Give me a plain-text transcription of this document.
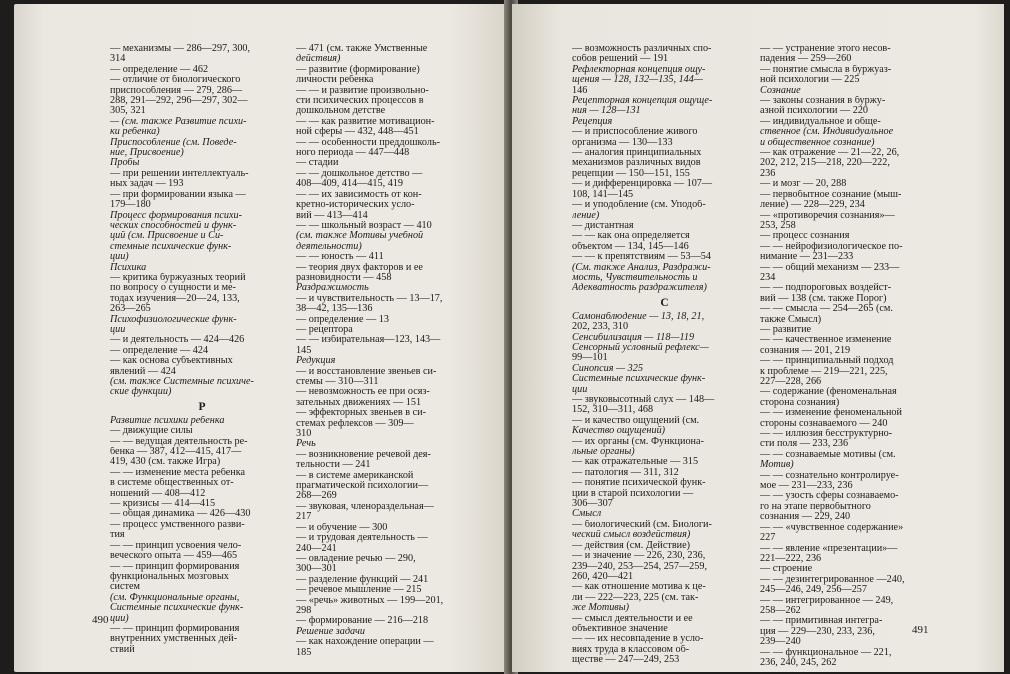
— механизмы — 286—297, 300,
314
— определение — 462
— отличие от биологического
приспособления — 279, 286—
288, 291—292, 296—297, 302—
305, 321
— (см. также Развитие психи-
ки ребенка)
Приспособление (см. Поведе-
ние, Присвоение)
Пробы
— при решении интеллектуаль-
ных задач — 193
— при формировании языка —
179—180
Процесс формирования психи-
ческих способностей и функ-
ций (см. Присвоение и Си-
стемные психические функ-
ции)
Психика
— критика буржуазных теорий
по вопросу о сущности и ме-
тодах изучения—20—24, 133,
263—265
Психофизиологические функ-
ции
— и деятельность — 424—426
— определение — 424
— как основа субъективных
явлений — 424
(см. также Системные психиче-
ские функции)
Р
Развитие психики ребенка
— движущие силы
— — ведущая деятельность ре-
бенка — 387, 412—415, 417—
419, 430 (см. также Игра)
— — изменение места ребенка
в системе общественных от-
ношений — 408—412
— кризисы — 414—415
— общая динамика — 426—430
— процесс умственного разви-
тия
— — принцип усвоения чело-
веческого опыта — 459—465
— — принцип формирования
функциональных мозговых
систем
(см. Функциональные органы,
Системные психические функ-
ции)
— — принцип формирования
внутренних умственных дей-
ствий
— 471 (см. также Умственные
действия)
— развитие (формирование)
личности ребенка
— — и развитие произвольно-
сти психических процессов в
дошкольном детстве
— — как развитие мотивацион-
ной сферы — 432, 448—451
— — особенности преддошколь-
ного периода — 447—448
— стадии
— — дошкольное детство —
408—409, 414—415, 419
— — их зависимость от кон-
кретно-исторических усло-
вий — 413—414
— — школьный возраст — 410
(см. также Мотивы учебной
деятельности)
— — юность — 411
— теория двух факторов и ее
разновидности — 458
Раздражимость
— и чувствительность — 13—17,
38—42, 135—136
— определение — 13
— рецептора
— — избирательная—123, 143—
145
Редукция
— и восстановление звеньев си-
стемы — 310—311
— невозможность ее при осяз-
зательных движениях — 151
— эффекторных звеньев в си-
стемах рефлексов — 309—
310
Речь
— возникновение речевой дея-
тельности — 241
— в системе американской
прагматической психологии—
268—269
— звуковая, членораздельная—
217
— и обучение — 300
— и трудовая деятельность —
240—241
— овладение речью — 290,
300—301
— разделение функций — 241
— речевое мышление — 215
— «речь» животных — 199—201,
298
— формирование — 216—218
Решение задачи
— как нахождение операции —
185
490
— возможность различных спо-
собов решений — 191
Рефлекторная концепция ощу-
щения — 128, 132—135, 144—
146
Рецепторная концепция ощуще-
ния — 128—131
Рецепция
— и приспособление живого
организма — 130—133
— аналогия принципиальных
механизмов различных видов
рецепции — 150—151, 155
— и дифференцировка — 107—
108, 141—145
— и уподобление (см. Уподоб-
ление)
— дистантная
— — как она определяется
объектом — 134, 145—146
— — к препятствиям — 53—54
(См. также Анализ, Раздражи-
мость, Чувствительность и
Адекватность раздражителя)
С
Самонаблюдение — 13, 18, 21,
202, 233, 310
Сенсибилизация — 118—119
Сенсорный условный рефлекс—
99—101
Синопсия — 325
Системные психические функ-
ции
— звуковысотный слух — 148—
152, 310—311, 468
— и качество ощущений (см.
Качество ощущений)
— их органы (см. Функциона-
льные органы)
— как отражательные — 315
— патология — 311, 312
— понятие психической функ-
ции в старой психологии —
306—307
Смысл
— биологический (см. Биологи-
ческий смысл воздействия)
— действия (см. Действие)
— и значение — 226, 230, 236,
239—240, 253—254, 257—259,
260, 420—421
— как отношение мотива к це-
ли — 222—223, 225 (см. так-
же Мотивы)
— смысл деятельности и ее
объективное значение
— — их несовпадение в усло-
виях труда в классовом об-
ществе — 247—249, 253
— — устранение этого несов-
падения — 259—260
— понятие смысла в буржуаз-
ной психологии — 225
Сознание
— законы сознания в буржу-
азной психологии — 220
— индивидуальное и обще-
ственное (см. Индивидуальное
и общественное сознание)
— как отражение — 21—22, 26,
202, 212, 215—218, 220—222,
236
— и мозг — 20, 288
— первобытное сознание (мыш-
ление) — 228—229, 234
— «противоречия сознания»—
253, 258
— процесс сознания
— — нейрофизиологическое по-
нимание — 231—233
— — общий механизм — 233—
234
— — подпороговых воздейст-
вий — 138 (см. также Порог)
— — смысла — 254—265 (см.
также Смысл)
— развитие
— — качественное изменение
сознания — 201, 219
— — принципиальный подход
к проблеме — 219—221, 225,
227—228, 266
— содержание (феноменальная
сторона сознания)
— — изменение феноменальной
стороны сознаваемого — 240
— — иллюзия бесструктурно-
сти поля — 233, 236
— — сознаваемые мотивы (см.
Мотив)
— — сознательно контролируе-
мое — 231—233, 236
— — узость сферы сознаваемо-
го на этапе первобытного
сознания — 229, 240
— — «чувственное содержание»
227
— — явление «презентации»—
221—222, 236
— строение
— — дезинтегрированное —240,
245—246, 249, 256—257
— — интегрированное — 249,
258—262
— — примитивная интегра-
ция — 229—230, 233, 236,
239—240
— — функциональное — 221,
236, 240, 245, 262
491
